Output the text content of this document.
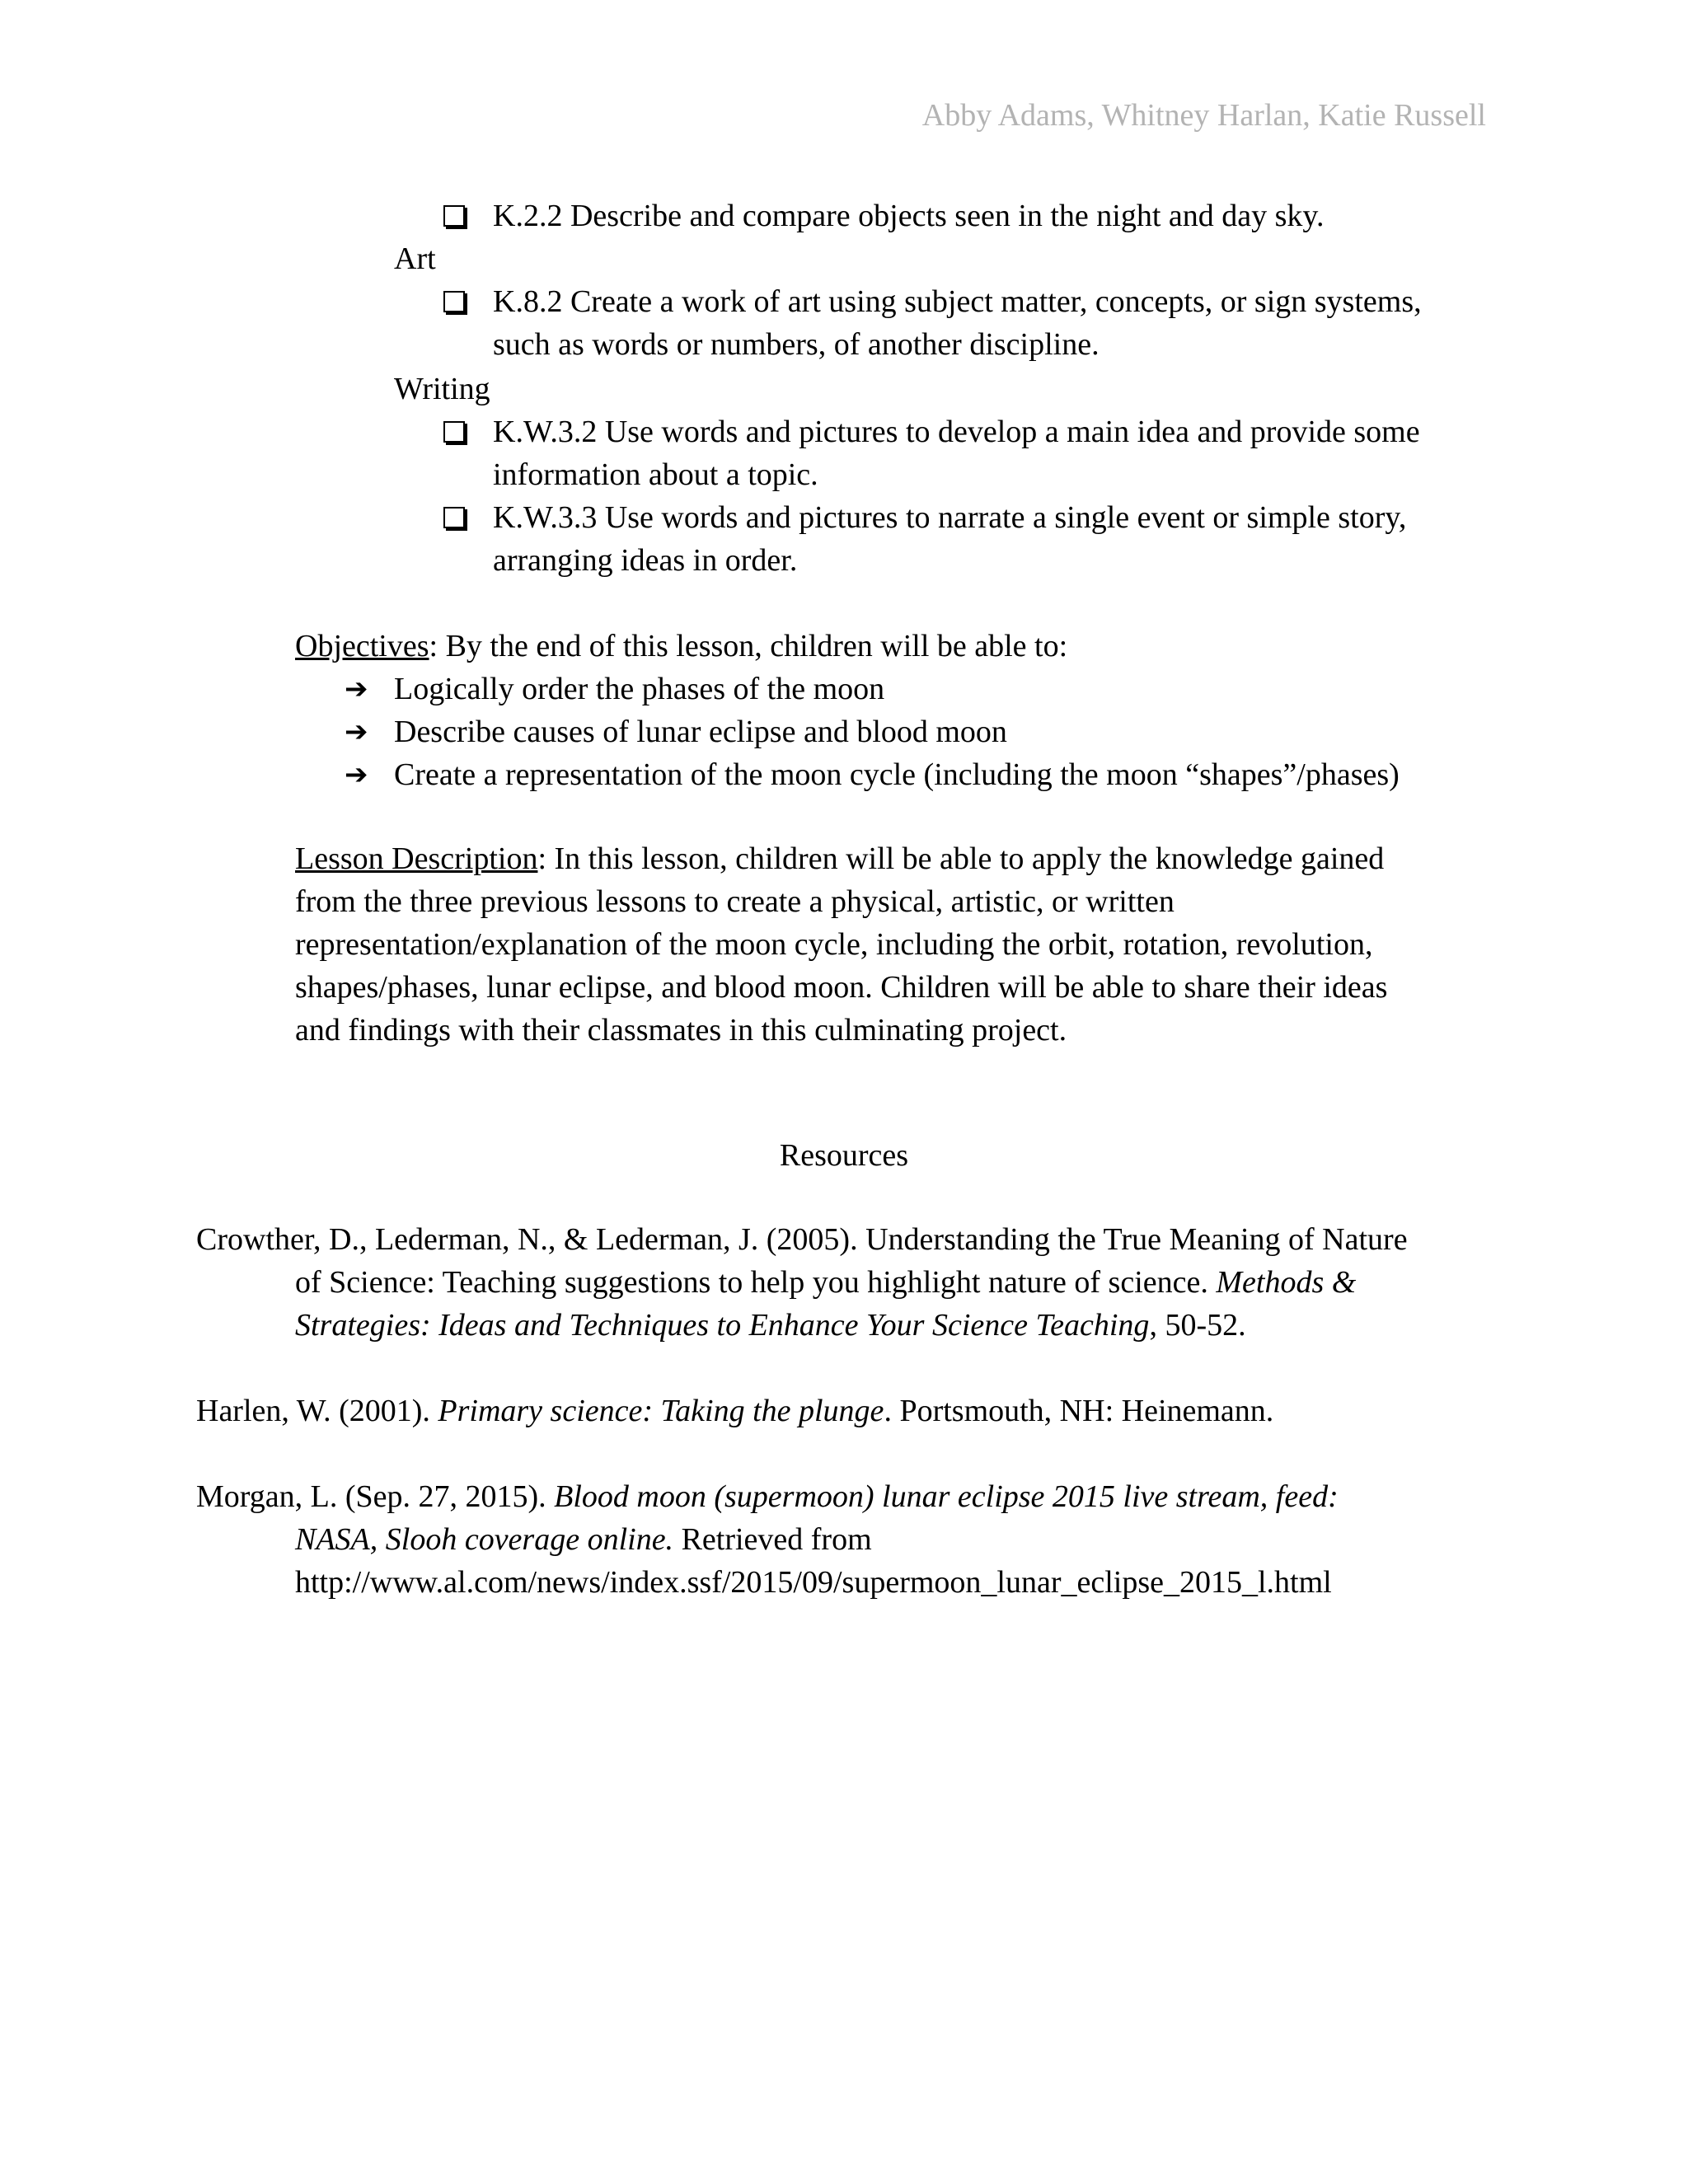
Abby Adams, Whitney Harlan, Katie Russell
K.2.2 Describe and compare objects seen in the night and day sky.
Art
K.8.2 Create a work of art using subject matter, concepts, or sign systems,
such as words or numbers, of another discipline.
Writing
K.W.3.2 Use words and pictures to develop a main idea and provide some
information about a topic.
K.W.3.3 Use words and pictures to narrate a single event or simple story,
arranging ideas in order.
Objectives: By the end of this lesson, children will be able to:
➔ Logically order the phases of the moon
➔ Describe causes of lunar eclipse and blood moon
➔ Create a representation of the moon cycle (including the moon “shapes”/phases)
Lesson Description: In this lesson, children will be able to apply the knowledge gained
from the three previous lessons to create a physical, artistic, or written
representation/explanation of the moon cycle, including the orbit, rotation, revolution,
shapes/phases, lunar eclipse, and blood moon. Children will be able to share their ideas
and findings with their classmates in this culminating project.
Resources
Crowther, D., Lederman, N., & Lederman, J. (2005). Understanding the True Meaning of Nature
of Science: Teaching suggestions to help you highlight nature of science. Methods &
Strategies: Ideas and Techniques to Enhance Your Science Teaching, 50-52.
Harlen, W. (2001). Primary science: Taking the plunge. Portsmouth, NH: Heinemann.
Morgan, L. (Sep. 27, 2015). Blood moon (supermoon) lunar eclipse 2015 live stream, feed:
NASA, Slooh coverage online. Retrieved from
http://www.al.com/news/index.ssf/2015/09/supermoon_lunar_eclipse_2015_l.html
